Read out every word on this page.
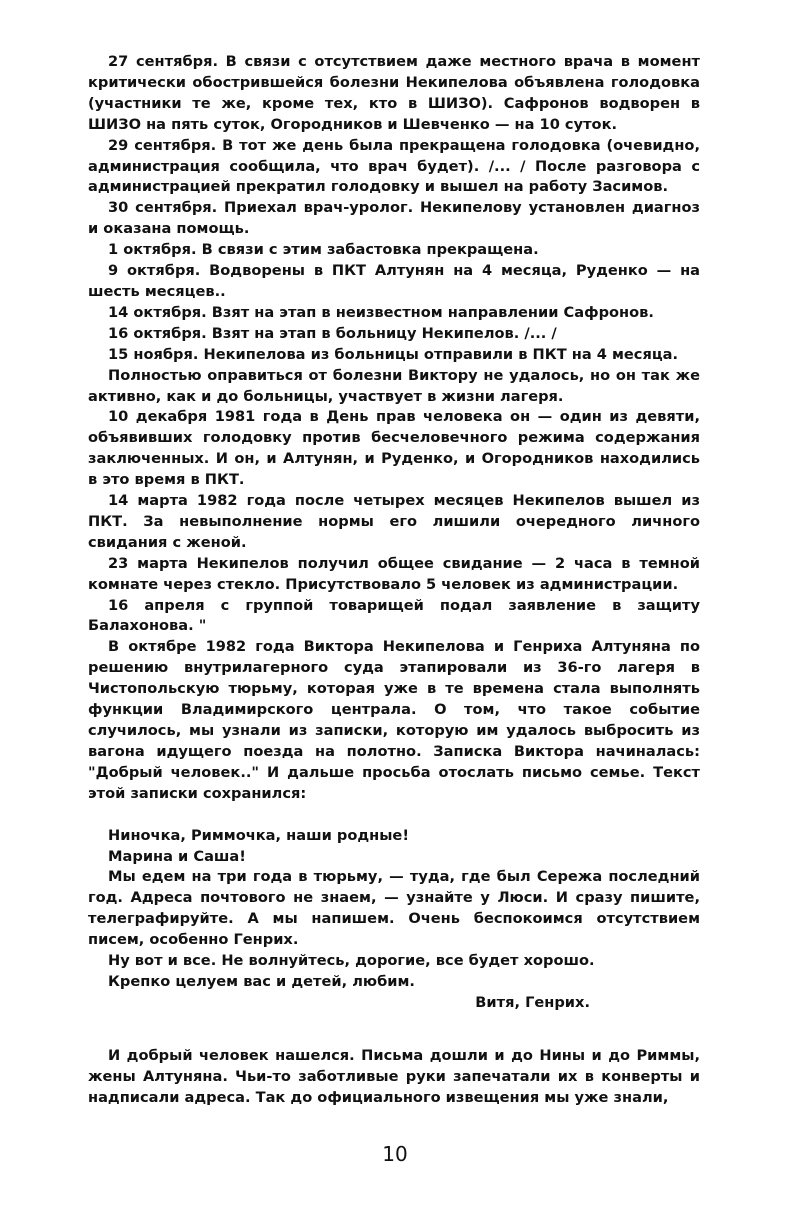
27 сентября. В связи с отсутствием даже местного врача в момент критически обострившейся болезни Некипелова объявлена голодовка (участники те же, кроме тех, кто в ШИЗО). Сафронов водворен в ШИЗО на пять суток, Огородников и Шевченко — на 10 суток.

29 сентября. В тот же день была прекращена голодовка (очевидно, администрация сообщила, что врач будет). /... / После разговора с администрацией прекратил голодовку и вышел на работу Засимов.

30 сентября. Приехал врач-уролог. Некипелову установлен диагноз и оказана помощь.

1 октября. В связи с этим забастовка прекращена.

9 октября. Водворены в ПКТ Алтунян на 4 месяца, Руденко — на шесть месяцев..

14 октября. Взят на этап в неизвестном направлении Сафронов.

16 октября. Взят на этап в больницу Некипелов. /... /

15 ноября. Некипелова из больницы отправили в ПКТ на 4 месяца.

Полностью оправиться от болезни Виктору не удалось, но он так же активно, как и до больницы, участвует в жизни лагеря.

10 декабря 1981 года в День прав человека он — один из девяти, объявивших голодовку против бесчеловечного режима содержания заключенных. И он, и Алтунян, и Руденко, и Огородников находились в это время в ПКТ.

14 марта 1982 года после четырех месяцев Некипелов вышел из ПКТ. За невыполнение нормы его лишили очередного личного свидания с женой.

23 марта Некипелов получил общее свидание — 2 часа в темной комнате через стекло. Присутствовало 5 человек из администрации.

16 апреля с группой товарищей подал заявление в защиту Балахонова. "

В октябре 1982 года Виктора Некипелова и Генриха Алтуняна по решению внутрилагерного суда этапировали из 36-го лагеря в Чистопольскую тюрьму, которая уже в те времена стала выполнять функции Владимирского централа. О том, что такое событие случилось, мы узнали из записки, которую им удалось выбросить из вагона идущего поезда на полотно. Записка Виктора начиналась: "Добрый человек.." И дальше просьба отослать письмо семье. Текст этой записки сохранился:

Ниночка, Риммочка, наши родные!

Марина и Саша!

Мы едем на три года в тюрьму, — туда, где был Сережа последний год. Адреса почтового не знаем, — узнайте у Люси. И сразу пишите, телеграфируйте. А мы напишем. Очень беспокоимся отсутствием писем, особенно Генрих.

Ну вот и все. Не волнуйтесь, дорогие, все будет хорошо.

Крепко целуем вас и детей, любим.

Витя, Генрих.

И добрый человек нашелся. Письма дошли и до Нины и до Риммы, жены Алтуняна. Чьи-то заботливые руки запечатали их в конверты и надписали адреса. Так до официального извещения мы уже знали,

10
